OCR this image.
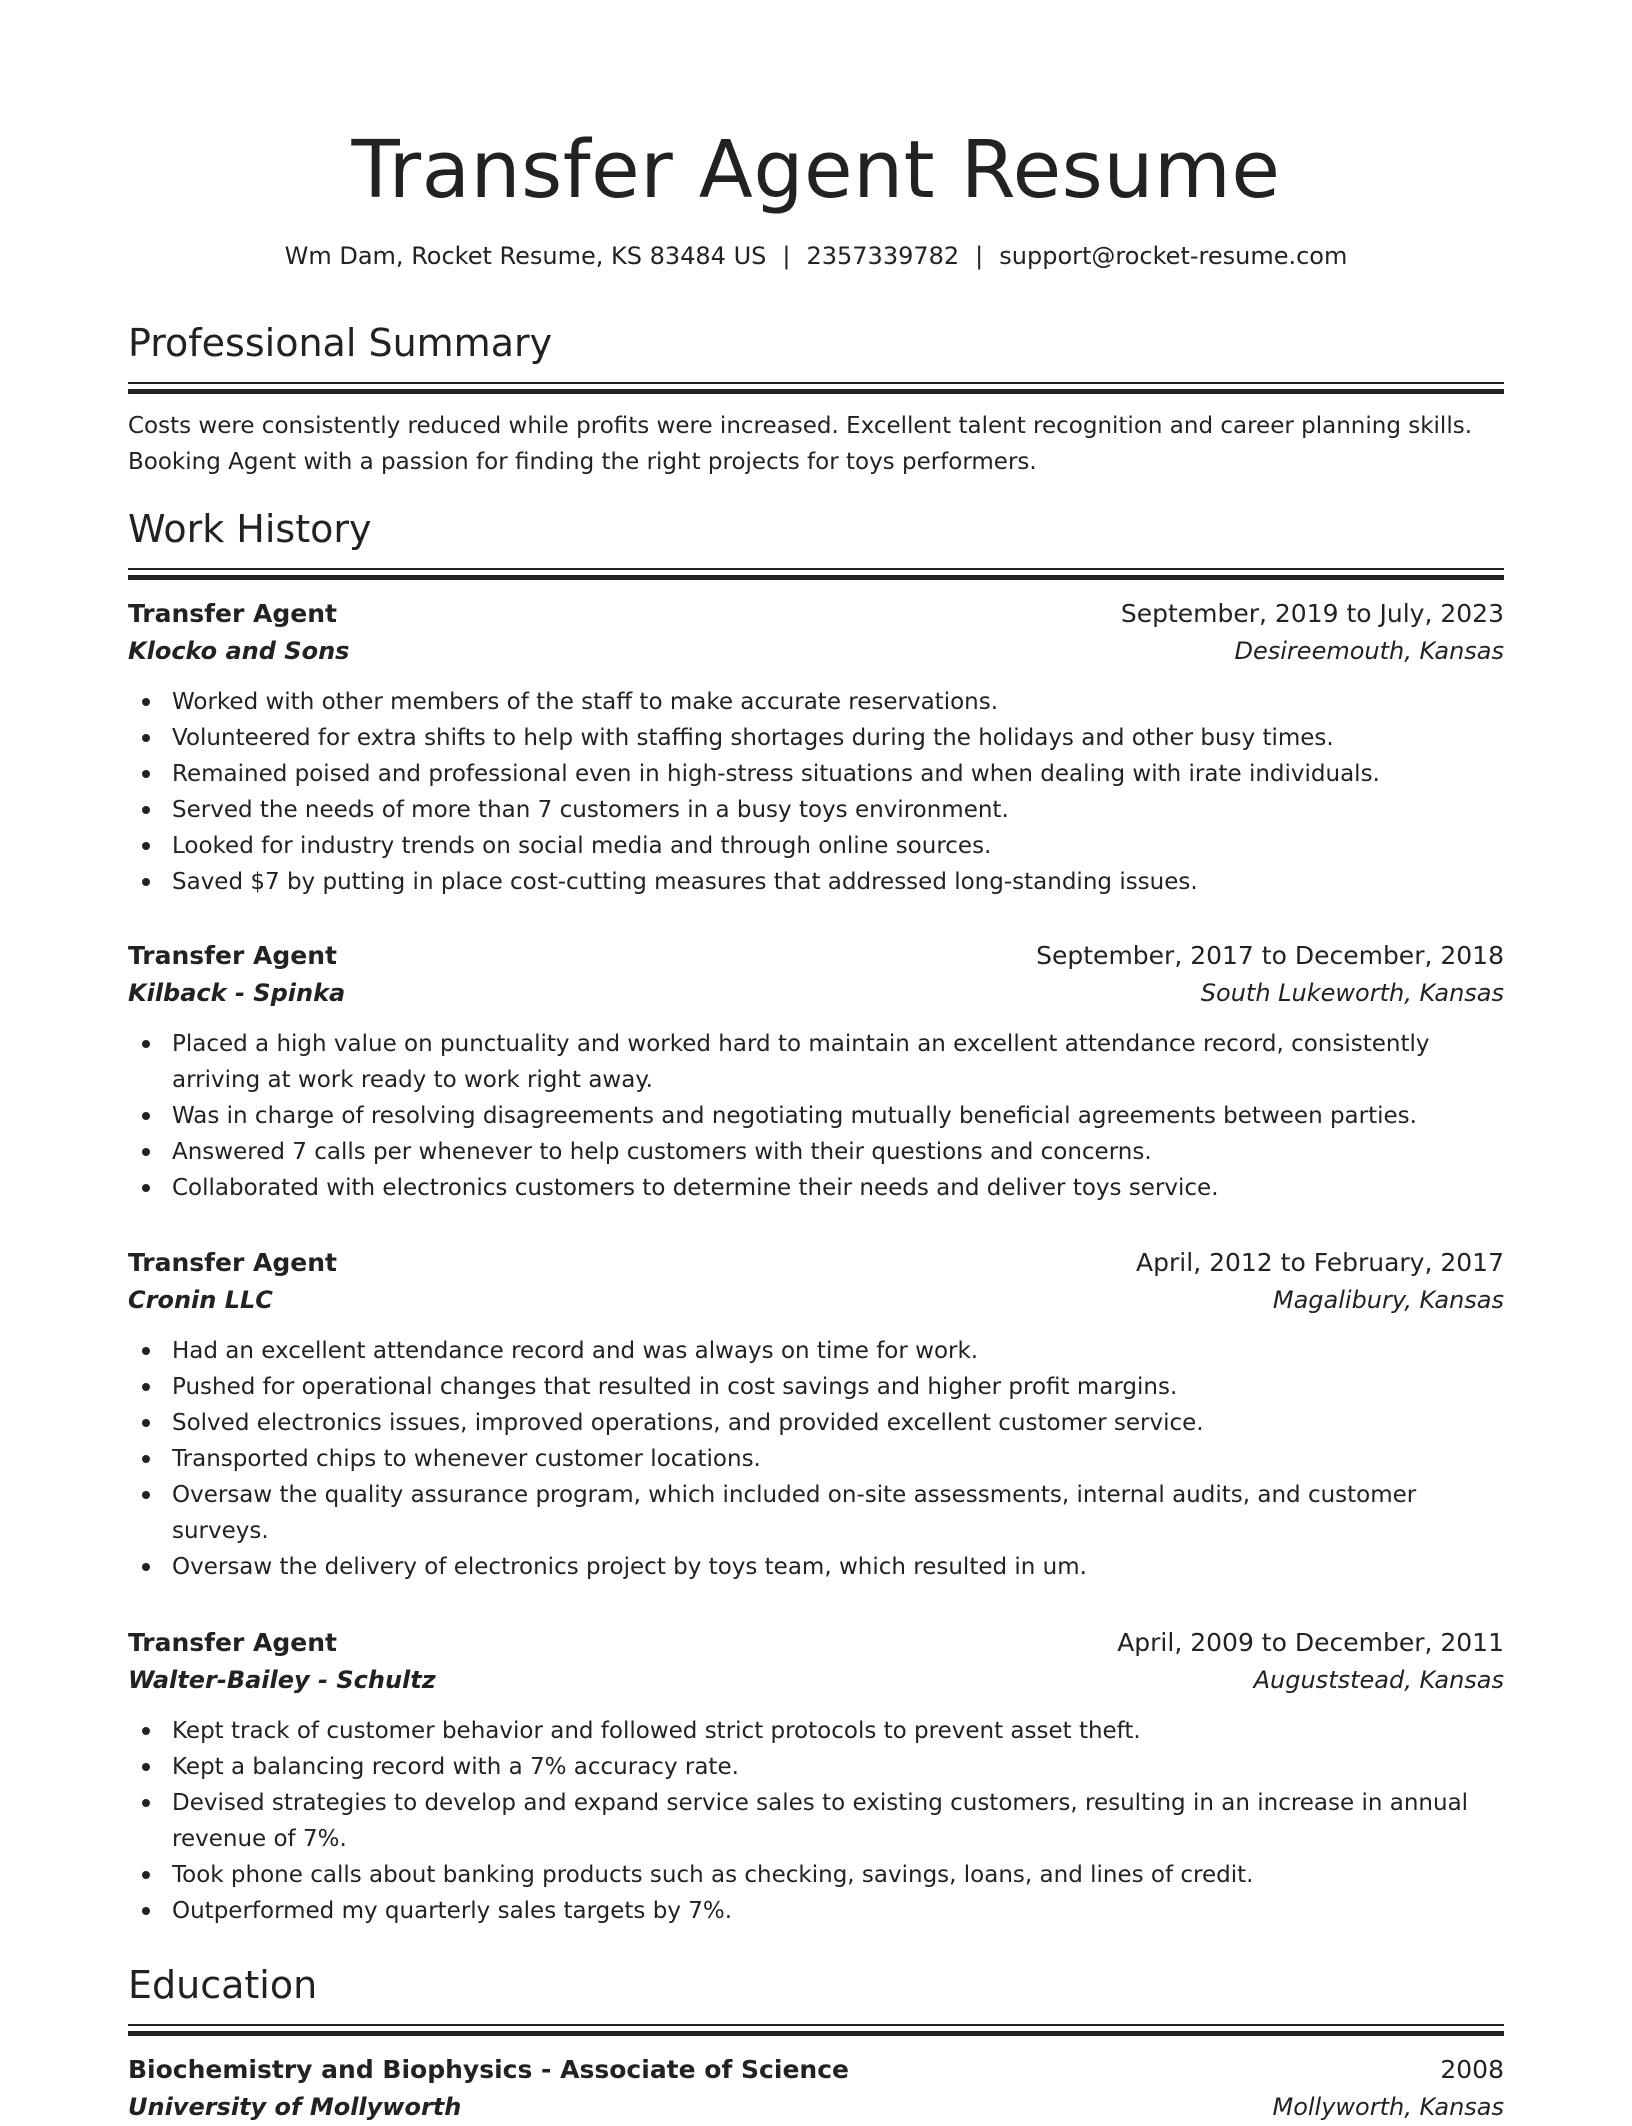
Transfer Agent Resume
Wm Dam, Rocket Resume, KS 83484 US | 2357339782 | support@rocket-resume.com
Professional Summary
Costs were consistently reduced while profits were increased. Excellent talent recognition and career planning skills. Booking Agent with a passion for finding the right projects for toys performers.
Work History
Transfer Agent	September, 2019 to July, 2023
Klocko and Sons	Desireemouth, Kansas
Worked with other members of the staff to make accurate reservations.
Volunteered for extra shifts to help with staffing shortages during the holidays and other busy times.
Remained poised and professional even in high-stress situations and when dealing with irate individuals.
Served the needs of more than 7 customers in a busy toys environment.
Looked for industry trends on social media and through online sources.
Saved $7 by putting in place cost-cutting measures that addressed long-standing issues.
Transfer Agent	September, 2017 to December, 2018
Kilback - Spinka	South Lukeworth, Kansas
Placed a high value on punctuality and worked hard to maintain an excellent attendance record, consistently arriving at work ready to work right away.
Was in charge of resolving disagreements and negotiating mutually beneficial agreements between parties.
Answered 7 calls per whenever to help customers with their questions and concerns.
Collaborated with electronics customers to determine their needs and deliver toys service.
Transfer Agent	April, 2012 to February, 2017
Cronin LLC	Magalibury, Kansas
Had an excellent attendance record and was always on time for work.
Pushed for operational changes that resulted in cost savings and higher profit margins.
Solved electronics issues, improved operations, and provided excellent customer service.
Transported chips to whenever customer locations.
Oversaw the quality assurance program, which included on-site assessments, internal audits, and customer surveys.
Oversaw the delivery of electronics project by toys team, which resulted in um.
Transfer Agent	April, 2009 to December, 2011
Walter-Bailey - Schultz	Auguststead, Kansas
Kept track of customer behavior and followed strict protocols to prevent asset theft.
Kept a balancing record with a 7% accuracy rate.
Devised strategies to develop and expand service sales to existing customers, resulting in an increase in annual revenue of 7%.
Took phone calls about banking products such as checking, savings, loans, and lines of credit.
Outperformed my quarterly sales targets by 7%.
Education
Biochemistry and Biophysics - Associate of Science	2008
University of Mollyworth	Mollyworth, Kansas
